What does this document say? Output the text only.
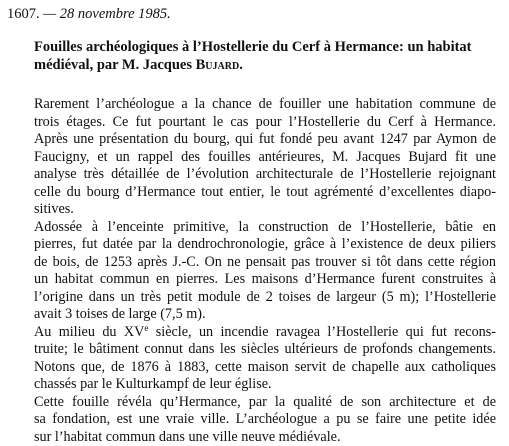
1607. — 28 novembre 1985.
Fouilles archéologiques à l’Hostellerie du Cerf à Hermance: un habitat
médiéval, par M. Jacques Bujard.
Rarement l’archéologue a la chance de fouiller une habitation commune de
trois étages. Ce fut pourtant le cas pour l’Hostellerie du Cerf à Hermance.
Après une présentation du bourg, qui fut fondé peu avant 1247 par Aymon de
Faucigny, et un rappel des fouilles antérieures, M. Jacques Bujard fit une
analyse très détaillée de l’évolution architecturale de l’Hostellerie rejoignant
celle du bourg d’Hermance tout entier, le tout agrémenté d’excellentes diapo-
sitives.
Adossée à l’enceinte primitive, la construction de l’Hostellerie, bâtie en
pierres, fut datée par la dendrochronologie, grâce à l’existence de deux piliers
de bois, de 1253 après J.-C. On ne pensait pas trouver si tôt dans cette région
un habitat commun en pierres. Les maisons d’Hermance furent construites à
l’origine dans un très petit module de 2 toises de largeur (5 m); l’Hostellerie
avait 3 toises de large (7,5 m).
Au milieu du XVe siècle, un incendie ravagea l’Hostellerie qui fut recons-
truite; le bâtiment connut dans les siècles ultérieurs de profonds changements.
Notons que, de 1876 à 1883, cette maison servit de chapelle aux catholiques
chassés par le Kulturkampf de leur église.
Cette fouille révéla qu’Hermance, par la qualité de son architecture et de
sa fondation, est une vraie ville. L’archéologue a pu se faire une petite idée
sur l’habitat commun dans une ville neuve médiévale.
